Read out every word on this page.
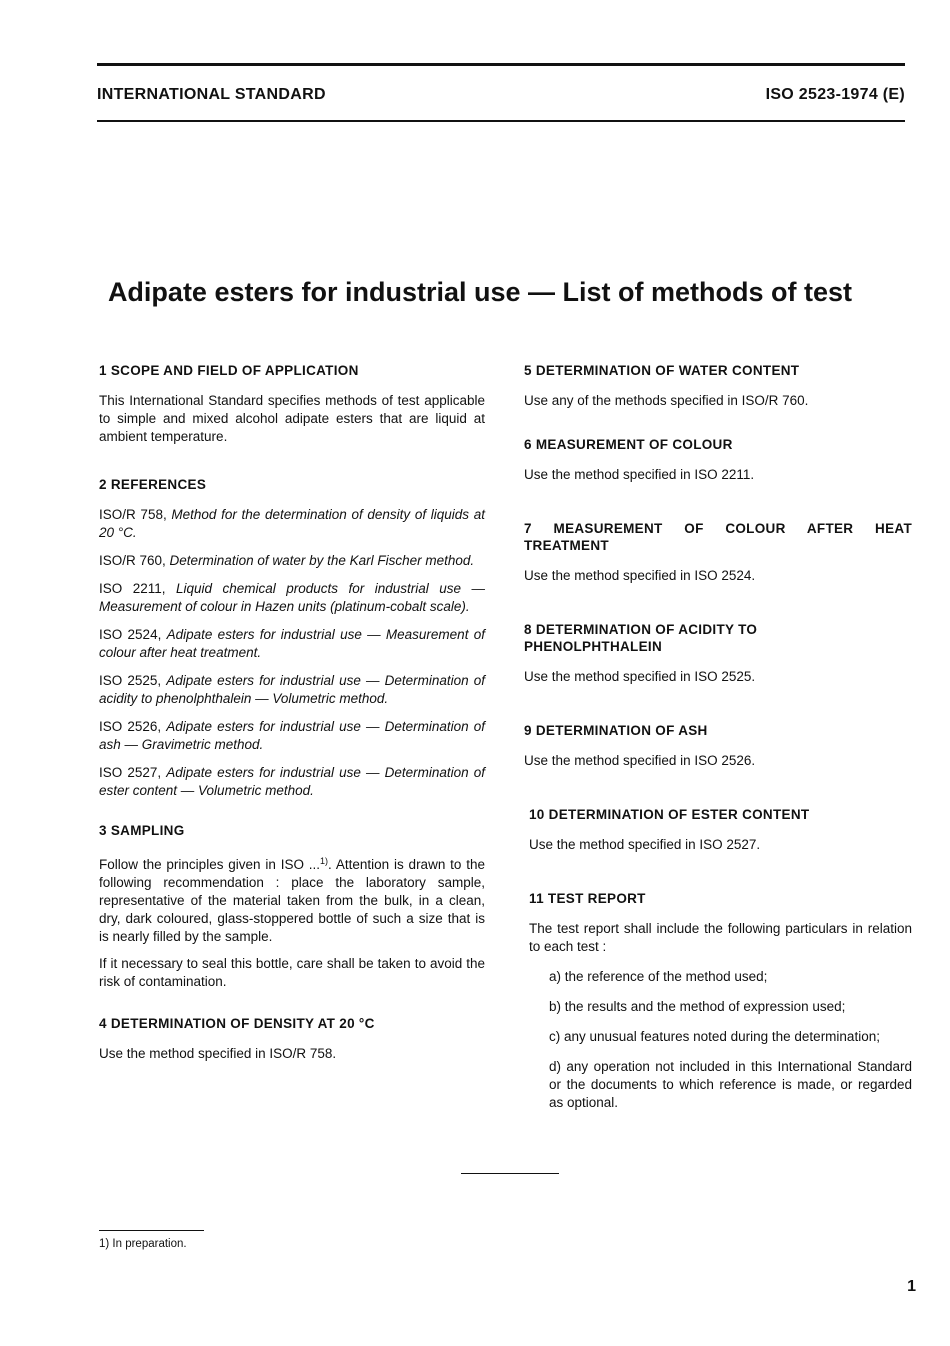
INTERNATIONAL STANDARD	ISO 2523-1974 (E)
Adipate esters for industrial use — List of methods of test
1 SCOPE AND FIELD OF APPLICATION
This International Standard specifies methods of test applicable to simple and mixed alcohol adipate esters that are liquid at ambient temperature.
2 REFERENCES
ISO/R 758, Method for the determination of density of liquids at 20 °C.
ISO/R 760, Determination of water by the Karl Fischer method.
ISO 2211, Liquid chemical products for industrial use — Measurement of colour in Hazen units (platinum-cobalt scale).
ISO 2524, Adipate esters for industrial use — Measurement of colour after heat treatment.
ISO 2525, Adipate esters for industrial use — Determination of acidity to phenolphthalein — Volumetric method.
ISO 2526, Adipate esters for industrial use — Determination of ash — Gravimetric method.
ISO 2527, Adipate esters for industrial use — Determination of ester content — Volumetric method.
3 SAMPLING
Follow the principles given in ISO ...$^{1)}$. Attention is drawn to the following recommendation : place the laboratory sample, representative of the material taken from the bulk, in a clean, dry, dark coloured, glass-stoppered bottle of such a size that is is nearly filled by the sample.
If it necessary to seal this bottle, care shall be taken to avoid the risk of contamination.
4 DETERMINATION OF DENSITY AT 20 °C
Use the method specified in ISO/R 758.
5 DETERMINATION OF WATER CONTENT
Use any of the methods specified in ISO/R 760.
6 MEASUREMENT OF COLOUR
Use the method specified in ISO 2211.
7 MEASUREMENT OF COLOUR AFTER HEAT TREATMENT
Use the method specified in ISO 2524.
8 DETERMINATION OF ACIDITY TO PHENOLPHTHALEIN
Use the method specified in ISO 2525.
9 DETERMINATION OF ASH
Use the method specified in ISO 2526.
10 DETERMINATION OF ESTER CONTENT
Use the method specified in ISO 2527.
11 TEST REPORT
The test report shall include the following particulars in relation to each test :
a) the reference of the method used;
b) the results and the method of expression used;
c) any unusual features noted during the determination;
d) any operation not included in this International Standard or the documents to which reference is made, or regarded as optional.
1) In preparation.
1
